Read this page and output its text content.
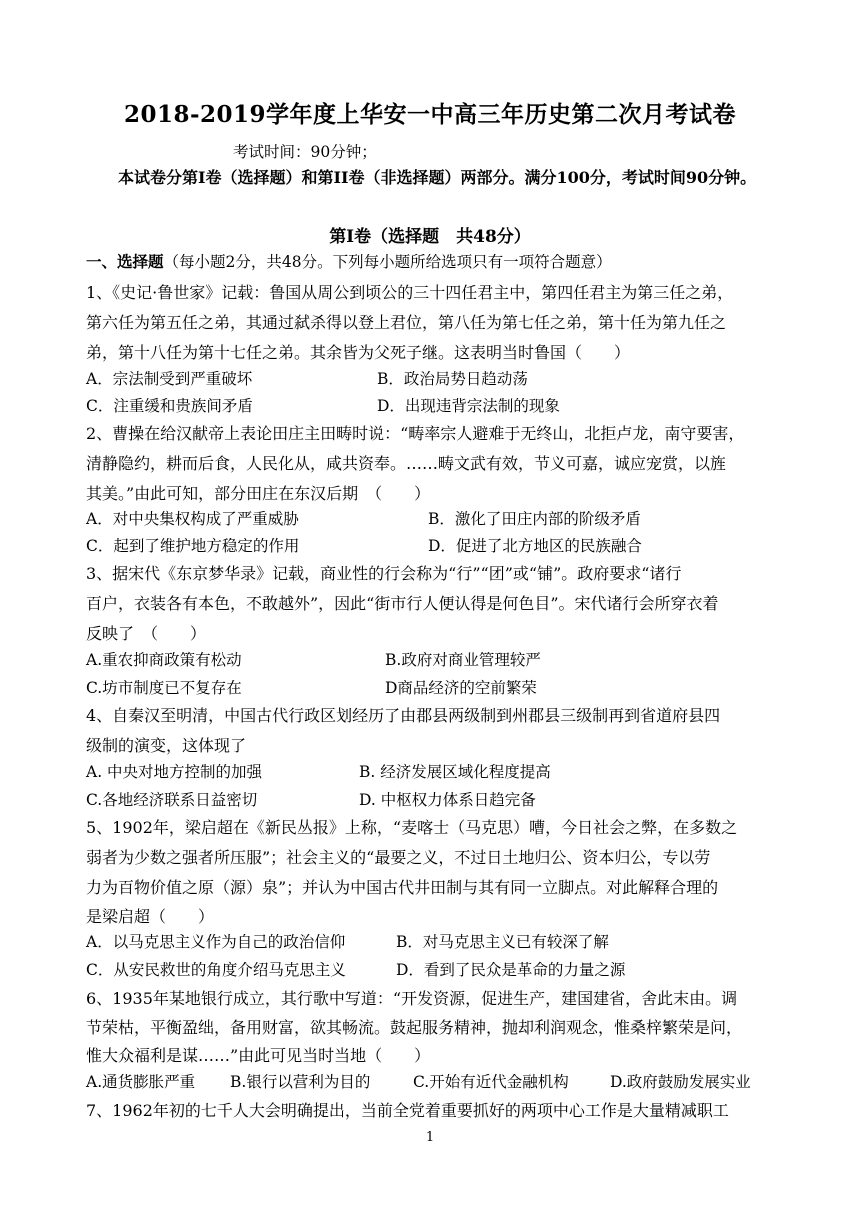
2018-2019学年度上华安一中高三年历史第二次月考试卷
考试时间：90分钟；
本试卷分第Ⅰ卷（选择题）和第II卷（非选择题）两部分。满分100分，考试时间90分钟。
第Ⅰ卷（选择题　共48分）
一、选择题（每小题2分，共48分。下列每小题所给选项只有一项符合题意）
1、《史记·鲁世家》记载：鲁国从周公到顷公的三十四任君主中，第四任君主为第三任之弟，
第六任为第五任之弟，其通过弑杀得以登上君位，第八任为第七任之弟，第十任为第九任之
弟，第十八任为第十七任之弟。其余皆为父死子继。这表明当时鲁国（　　）
A．宗法制受到严重破坏	B．政治局势日趋动荡
C．注重缓和贵族间矛盾	D．出现违背宗法制的现象
2、曹操在给汉献帝上表论田庄主田畴时说：“畴率宗人避难于无终山，北拒卢龙，南守要害，
清静隐约，耕而后食，人民化从，咸共资奉。……畴文武有效，节义可嘉，诚应宠赏，以旌
其美。”由此可知，部分田庄在东汉后期　（　　）
A．对中央集权构成了严重威胁	B．激化了田庄内部的阶级矛盾
C．起到了维护地方稳定的作用	D．促进了北方地区的民族融合
3、据宋代《东京梦华录》记载，商业性的行会称为“行”“团”或“铺”。政府要求“诸行
百户，衣装各有本色，不敢越外”，因此“街市行人便认得是何色目”。宋代诸行会所穿衣着
反映了　（　　）
A.重农抑商政策有松动	B.政府对商业管理较严
C.坊市制度已不复存在	D商品经济的空前繁荣
4、自秦汉至明清，中国古代行政区划经历了由郡县两级制到州郡县三级制再到省道府县四
级制的演变，这体现了
A. 中央对地方控制的加强	B. 经济发展区域化程度提高
C.各地经济联系日益密切	D. 中枢权力体系日趋完备
5、1902年，梁启超在《新民丛报》上称，“麦喀士（马克思）嘈，今日社会之弊，在多数之
弱者为少数之强者所压服”；社会主义的“最要之义，不过日土地归公、资本归公，专以劳
力为百物价值之原（源）泉”；并认为中国古代井田制与其有同一立脚点。对此解释合理的
是梁启超（　　）
A．以马克思主义作为自己的政治信仰	B．对马克思主义已有较深了解
C．从安民救世的角度介绍马克思主义	D．看到了民众是革命的力量之源
6、1935年某地银行成立，其行歌中写道：“开发资源，促进生产，建国建省，舍此末由。调
节荣枯，平衡盈绌，备用财富，欲其畅流。鼓起服务精神，抛却利润观念，惟桑梓繁荣是问，
惟大众福利是谋……”由此可见当时当地（　　）
A.通货膨胀严重 B.银行以营利为目的	C.开始有近代金融机构	D.政府鼓励发展实业
7、1962年初的七千人大会明确提出，当前全党着重要抓好的两项中心工作是大量精减职工
1
